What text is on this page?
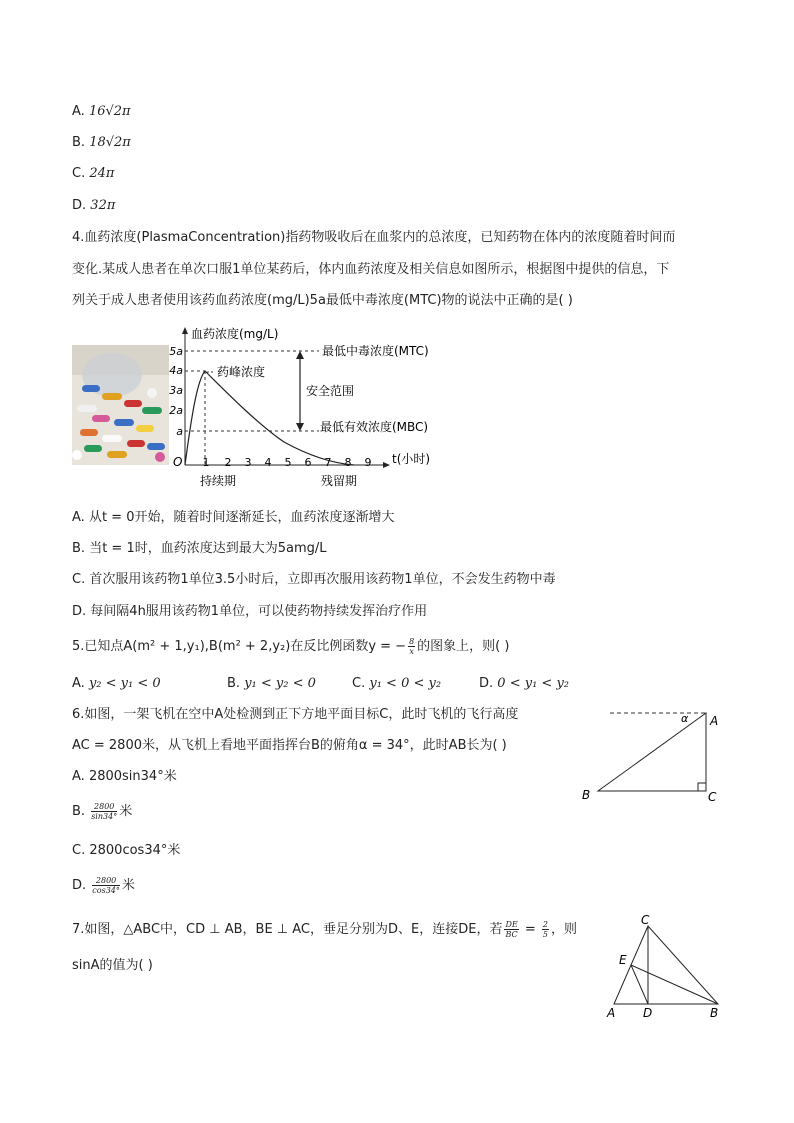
A. 16√2π
B. 18√2π
C. 24π
D. 32π
4.血药浓度(PlasmaConcentration)指药物吸收后在血浆内的总浓度，已知药物在体内的浓度随着时间而
变化.某成人患者在单次口服1单位某药后，体内血药浓度及相关信息如图所示，根据图中提供的信息，下
列关于成人患者使用该药血药浓度(mg/L)5a最低中毒浓度(MTC)物的说法中正确的是( )
血药浓度(mg/L)
t(小时)
O
5a
4a
3a
2a
a
1 2 3 4 5 6 7 8 9
最低中毒浓度(MTC)
药峰浓度
安全范围
最低有效浓度(MBC)
持续期	残留期
A. 从t = 0开始，随着时间逐渐延长，血药浓度逐渐增大
B. 当t = 1时，血药浓度达到最大为5amg/L
C. 首次服用该药物1单位3.5小时后，立即再次服用该药物1单位，不会发生药物中毒
D. 每间隔4h服用该药物1单位，可以使药物持续发挥治疗作用
5.已知点A(m² + 1,y₁),B(m² + 2,y₂)在反比例函数y = − $\frac{8}{x}$ 的图象上，则( )
A. y₂ < y₁ < 0	B. y₁ < y₂ < 0	C. y₁ < 0 < y₂	D. 0 < y₁ < y₂
6.如图，一架飞机在空中A处检测到正下方地平面目标C，此时飞机的飞行高度
AC = 2800米，从飞机上看地平面指挥台B的俯角α = 34°，此时AB长为( )
A. 2800sin34°米
B. $\frac{2800}{\sin 34^\circ}$ 米
C. 2800cos34°米
D. $\frac{2800}{\cos 34^\circ}$ 米
α A
B	C
7.如图，△ABC中，CD ⊥ AB，BE ⊥ AC，垂足分别为D、E，连接DE，若 $\frac{DE}{BC} = \frac{2}{5}$ ，则
sinA的值为( )
C
E
A D	B
